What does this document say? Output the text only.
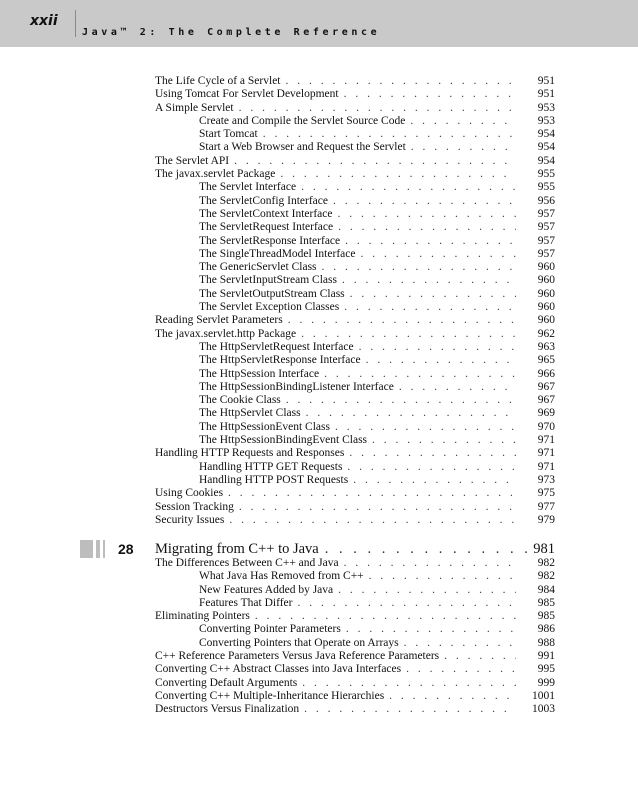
xxii
Java™ 2: The Complete Reference
The Life Cycle of a Servlet . . .	951
Using Tomcat For Servlet Development . . .	951
A Simple Servlet . . .	953
Create and Compile the Servlet Source Code . . .	953
Start Tomcat . . .	954
Start a Web Browser and Request the Servlet . . .	954
The Servlet API . . .	954
The javax.servlet Package . . .	955
The Servlet Interface . . .	955
The ServletConfig Interface . . .	956
The ServletContext Interface . . .	957
The ServletRequest Interface . . .	957
The ServletResponse Interface . . .	957
The SingleThreadModel Interface . . .	957
The GenericServlet Class . . .	960
The ServletInputStream Class . . .	960
The ServletOutputStream Class . . .	960
The Servlet Exception Classes . . .	960
Reading Servlet Parameters . . .	960
The javax.servlet.http Package . . .	962
The HttpServletRequest Interface . . .	963
The HttpServletResponse Interface . . .	965
The HttpSession Interface . . .	966
The HttpSessionBindingListener Interface . . .	967
The Cookie Class . . .	967
The HttpServlet Class . . .	969
The HttpSessionEvent Class . . .	970
The HttpSessionBindingEvent Class . . .	971
Handling HTTP Requests and Responses . . .	971
Handling HTTP GET Requests . . .	971
Handling HTTP POST Requests . . .	973
Using Cookies . . .	975
Session Tracking . . .	977
Security Issues . . .	979
28 Migrating from C++ to Java . . .	981
The Differences Between C++ and Java . . .	982
What Java Has Removed from C++ . . .	982
New Features Added by Java . . .	984
Features That Differ . . .	985
Eliminating Pointers . . .	985
Converting Pointer Parameters . . .	986
Converting Pointers that Operate on Arrays . . .	988
C++ Reference Parameters Versus Java Reference Parameters . . .	991
Converting C++ Abstract Classes into Java Interfaces . . .	995
Converting Default Arguments . . .	999
Converting C++ Multiple-Inheritance Hierarchies . . .	1001
Destructors Versus Finalization . . .	1003
